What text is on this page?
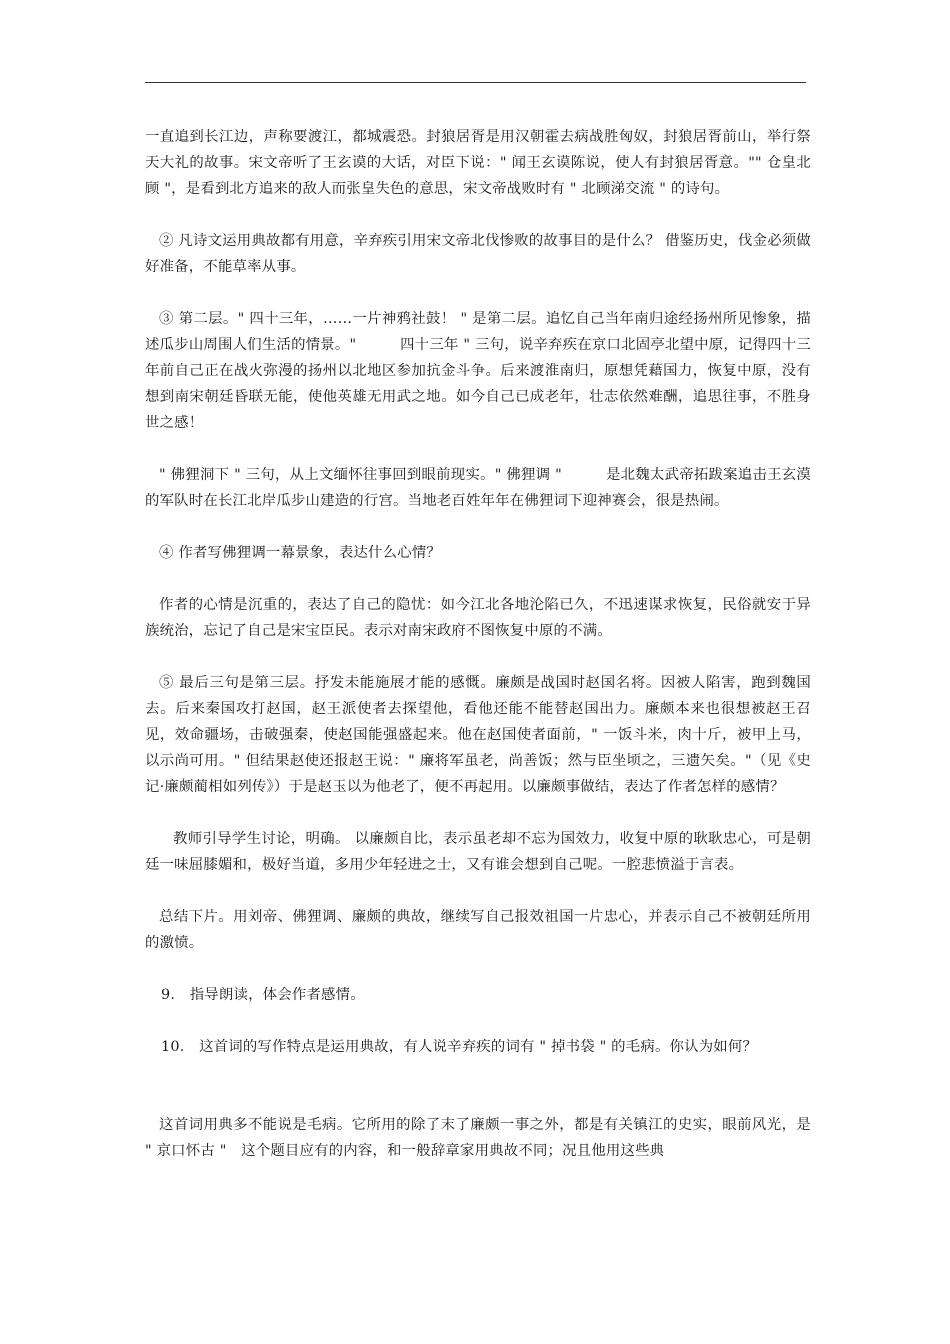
一直追到长江边，声称要渡江，都城震恐。封狼居胥是用汉朝霍去病战胜匈奴，封狼居胥前山，举行祭天大礼的故事。宋文帝听了王玄谟的大话，对臣下说：" 闻王玄谟陈说，使人有封狼居胥意。"" 仓皇北顾 "，是看到北方追来的敌人而张皇失色的意思，宋文帝战败时有 " 北顾涕交流 " 的诗句。

② 凡诗文运用典故都有用意，辛弃疾引用宋文帝北伐惨败的故事目的是什么？ 借鉴历史，伐金必须做好准备，不能草率从事。

③ 第二层。" 四十三年，……一片神鸦社鼓！ " 是第二层。追忆自己当年南归途经扬州所见惨象，描述瓜步山周围人们生活的情景。"　　　四十三年 " 三句，说辛弃疾在京口北固亭北望中原，记得四十三年前自己正在战火弥漫的扬州以北地区参加抗金斗争。后来渡淮南归，原想凭藉国力，恢复中原，没有想到南宋朝廷昏联无能，使他英雄无用武之地。如今自己已成老年，壮志依然难酬，追思往事，不胜身世之感！

" 佛狸洞下 " 三句，从上文缅怀往事回到眼前现实。" 佛狸调 "　　　是北魏太武帝拓跋案追击王玄漠的军队时在长江北岸瓜步山建造的行宫。当地老百姓年年在佛狸词下迎神赛会，很是热闹。

④ 作者写佛狸调一幕景象，表达什么心情？

作者的心情是沉重的，表达了自己的隐忧：如今江北各地沦陷已久，不迅速谋求恢复，民俗就安于异族统治，忘记了自己是宋宝臣民。表示对南宋政府不图恢复中原的不满。

⑤ 最后三句是第三层。抒发未能施展才能的感慨。廉颇是战国时赵国名将。因被人陷害，跑到魏国去。后来秦国攻打赵国，赵王派使者去探望他，看他还能不能替赵国出力。廉颇本来也很想被赵王召见，效命疆场，击破强秦，使赵国能强盛起来。他在赵国使者面前，" 一饭斗米，肉十斤，被甲上马，以示尚可用。" 但结果赵使还报赵王说：" 廉将军虽老，尚善饭；然与臣坐顷之，三遗矢矣。"（见《史记·廉颇蔺相如列传》）于是赵玉以为他老了，便不再起用。以廉颇事做结，表达了作者怎样的感情？

教师引导学生讨论，明确。 以廉颇自比，表示虽老却不忘为国效力，收复中原的耿耿忠心，可是朝廷一味屈膝媚和，极好当道，多用少年轻进之士，又有谁会想到自己呢。一腔悲愤溢于言表。

总结下片。用刘帝、佛狸调、廉颇的典故，继续写自己报效祖国一片忠心，并表示自己不被朝廷所用的激愤。

9． 指导朗读，体会作者感情。

10． 这首词的写作特点是运用典故，有人说辛弃疾的词有 " 掉书袋 " 的毛病。你认为如何？

这首词用典多不能说是毛病。它所用的除了末了廉颇一事之外，都是有关镇江的史实，眼前风光，是 " 京口怀古 "　这个题目应有的内容，和一般辞章家用典故不同；况且他用这些典
